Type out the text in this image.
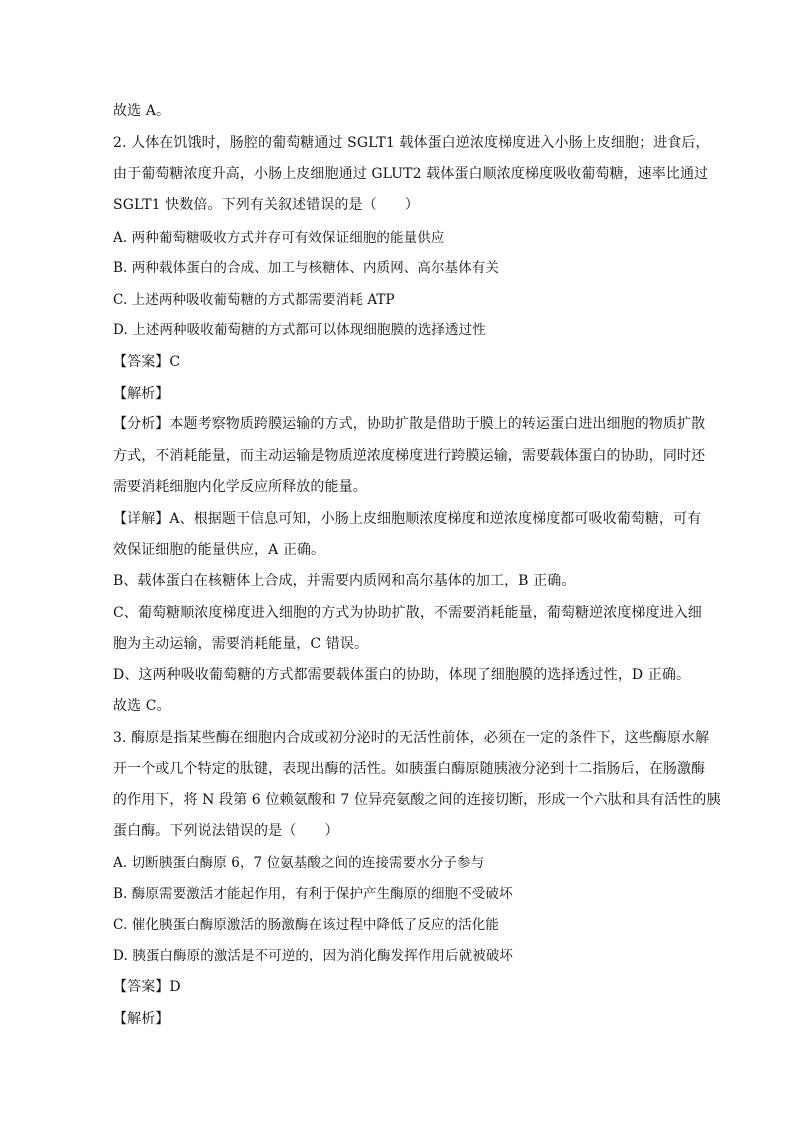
故选 A。
2. 人体在饥饿时，肠腔的葡萄糖通过 SGLT1 载体蛋白逆浓度梯度进入小肠上皮细胞；进食后，
由于葡萄糖浓度升高，小肠上皮细胞通过 GLUT2 载体蛋白顺浓度梯度吸收葡萄糖，速率比通过
SGLT1 快数倍。下列有关叙述错误的是（　　）
A. 两种葡萄糖吸收方式并存可有效保证细胞的能量供应
B. 两种载体蛋白的合成、加工与核糖体、内质网、高尔基体有关
C. 上述两种吸收葡萄糖的方式都需要消耗 ATP
D. 上述两种吸收葡萄糖的方式都可以体现细胞膜的选择透过性
【答案】C
【解析】
【分析】本题考察物质跨膜运输的方式，协助扩散是借助于膜上的转运蛋白进出细胞的物质扩散
方式，不消耗能量，而主动运输是物质逆浓度梯度进行跨膜运输，需要载体蛋白的协助，同时还
需要消耗细胞内化学反应所释放的能量。
【详解】A、根据题干信息可知，小肠上皮细胞顺浓度梯度和逆浓度梯度都可吸收葡萄糖，可有
效保证细胞的能量供应，A 正确。
B、载体蛋白在核糖体上合成，并需要内质网和高尔基体的加工，B 正确。
C、葡萄糖顺浓度梯度进入细胞的方式为协助扩散，不需要消耗能量，葡萄糖逆浓度梯度进入细
胞为主动运输，需要消耗能量，C 错误。
D、这两种吸收葡萄糖的方式都需要载体蛋白的协助，体现了细胞膜的选择透过性，D 正确。
故选 C。
3. 酶原是指某些酶在细胞内合成或初分泌时的无活性前体，必须在一定的条件下，这些酶原水解
开一个或几个特定的肽键，表现出酶的活性。如胰蛋白酶原随胰液分泌到十二指肠后，在肠激酶
的作用下，将 N 段第 6 位赖氨酸和 7 位异亮氨酸之间的连接切断，形成一个六肽和具有活性的胰
蛋白酶。下列说法错误的是（　　）
A. 切断胰蛋白酶原 6，7 位氨基酸之间的连接需要水分子参与
B. 酶原需要激活才能起作用，有利于保护产生酶原的细胞不受破坏
C. 催化胰蛋白酶原激活的肠激酶在该过程中降低了反应的活化能
D. 胰蛋白酶原的激活是不可逆的，因为消化酶发挥作用后就被破坏
【答案】D
【解析】
